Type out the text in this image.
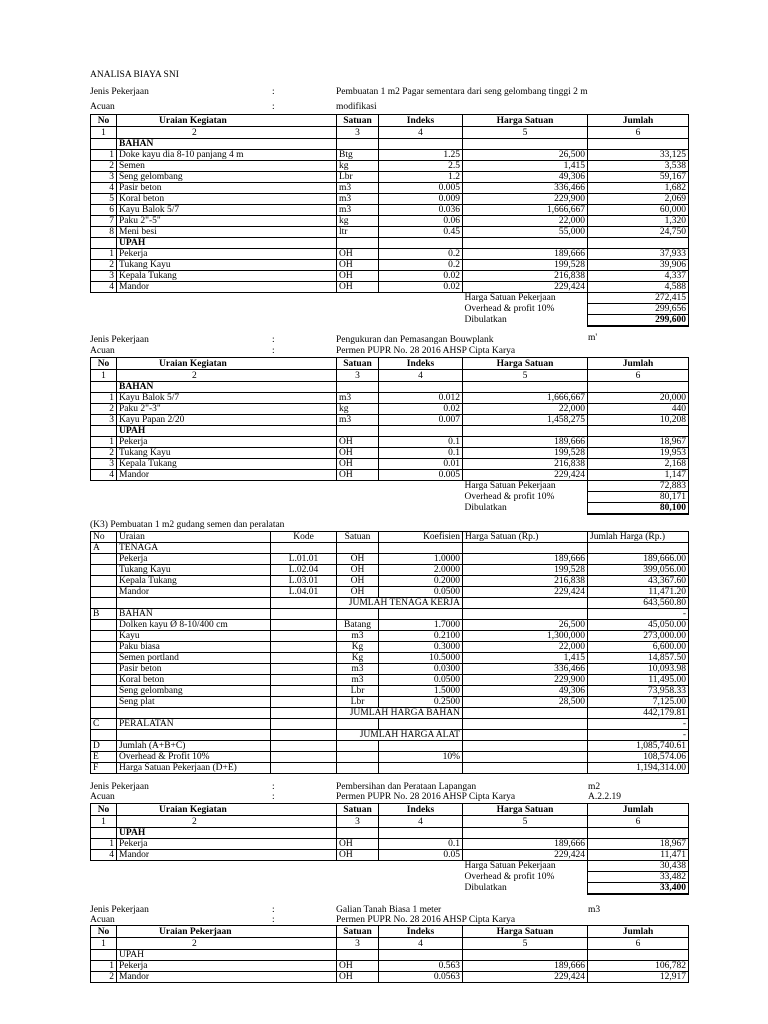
ANALISA BIAYA SNI
Jenis Pekerjaan	:	Pembuatan 1 m2 Pagar sementara dari seng gelombang tinggi 2 m
Acuan	:	modifikasi
No	Uraian Kegiatan	Satuan	Indeks	Harga Satuan	Jumlah
1	2	3	4	5	6
	BAHAN				
1	Doke kayu dia 8-10 panjang 4 m	Btg	1.25	26,500	33,125
2	Semen	kg	2.5	1,415	3,538
3	Seng gelombang	Lbr	1.2	49,306	59,167
4	Pasir beton	m3	0.005	336,466	1,682
5	Koral beton	m3	0.009	229,900	2,069
6	Kayu Balok 5/7	m3	0.036	1,666,667	60,000
7	Paku 2"-5"	kg	0.06	22,000	1,320
8	Meni besi	ltr	0.45	55,000	24,750
	UPAH				
1	Pekerja	OH	0.2	189,666	37,933
2	Tukang Kayu	OH	0.2	199,528	39,906
3	Kepala Tukang	OH	0.02	216,838	4,337
4	Mandor	OH	0.02	229,424	4,588
				Harga Satuan Pekerjaan	272,415
				Overhead & profit 10%	299,656
				Dibulatkan	299,600
Jenis Pekerjaan	:	Pengukuran dan Pemasangan Bouwplank	m'
Acuan	:	Permen PUPR No. 28 2016 AHSP Cipta Karya
No	Uraian Kegiatan	Satuan	Indeks	Harga Satuan	Jumlah
1	2	3	4	5	6
	BAHAN				
1	Kayu Balok 5/7	m3	0.012	1,666,667	20,000
2	Paku 2"-3"	kg	0.02	22,000	440
3	Kayu Papan 2/20	m3	0.007	1,458,275	10,208
	UPAH				
1	Pekerja	OH	0.1	189,666	18,967
2	Tukang Kayu	OH	0.1	199,528	19,953
3	Kepala Tukang	OH	0.01	216,838	2,168
4	Mandor	OH	0.005	229,424	1,147
				Harga Satuan Pekerjaan	72,883
				Overhead & profit 10%	80,171
				Dibulatkan	80,100
(K3) Pembuatan 1 m2 gudang semen dan peralatan
No	Uraian	Kode	Satuan	Koefisien	Harga Satuan (Rp.)	Jumlah Harga (Rp.)
A	TENAGA					
	Pekerja	L.01.01	OH	1.0000	189,666	189,666.00
	Tukang Kayu	L.02.04	OH	2.0000	199,528	399,056.00
	Kepala Tukang	L.03.01	OH	0.2000	216,838	43,367.60
	Mandor	L.04.01	OH	0.0500	229,424	11,471.20
			JUMLAH TENAGA KERJA			643,560.80
B	BAHAN					-
	Dolken kayu Ø 8-10/400 cm		Batang	1.7000	26,500	45,050.00
	Kayu		m3	0.2100	1,300,000	273,000.00
	Paku biasa		Kg	0.3000	22,000	6,600.00
	Semen portland		Kg	10.5000	1,415	14,857.50
	Pasir beton		m3	0.0300	336,466	10,093.98
	Koral beton		m3	0.0500	229,900	11,495.00
	Seng gelombang		Lbr	1.5000	49,306	73,958.33
	Seng plat		Lbr	0.2500	28,500	7,125.00
			JUMLAH HARGA BAHAN			442,179.81
C	PERALATAN					-
			JUMLAH HARGA ALAT			-
D	Jumlah (A+B+C)					1,085,740.61
E	Overhead & Profit 10%			10%		108,574.06
F	Harga Satuan Pekerjaan (D+E)					1,194,314.00
Jenis Pekerjaan	:	Pembersihan dan Perataan Lapangan	m2
Acuan	:	Permen PUPR No. 28 2016 AHSP Cipta Karya	A.2.2.19
No	Uraian Kegiatan	Satuan	Indeks	Harga Satuan	Jumlah
1	2	3	4	5	6
	UPAH				
1	Pekerja	OH	0.1	189,666	18,967
4	Mandor	OH	0.05	229,424	11,471
				Harga Satuan Pekerjaan	30,438
				Overhead & profit 10%	33,482
				Dibulatkan	33,400
Jenis Pekerjaan	:	Galian Tanah Biasa 1 meter	m3
Acuan	:	Permen PUPR No. 28 2016 AHSP Cipta Karya
No	Uraian Pekerjaan	Satuan	Indeks	Harga Satuan	Jumlah
1	2	3	4	5	6
	UPAH				
1	Pekerja	OH	0.563	189,666	106,782
2	Mandor	OH	0.0563	229,424	12,917
